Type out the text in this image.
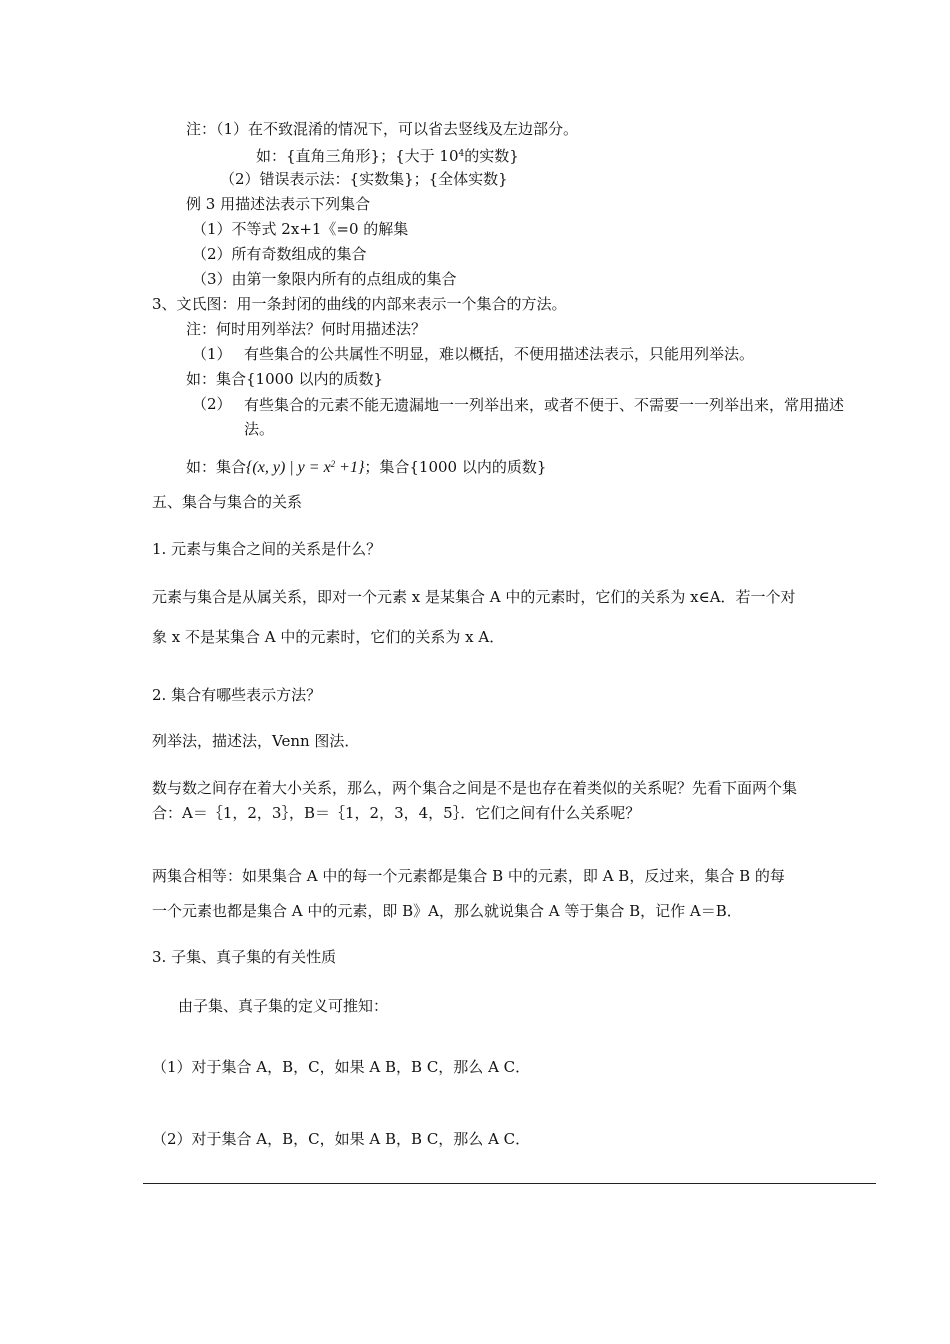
注：（1）在不致混淆的情况下，可以省去竖线及左边部分。
如：{直角三角形}；{大于 $10^4$的实数}
（2）错误表示法：{实数集}；{全体实数}
例 3 用描述法表示下列集合
（1）不等式 2x+1《=0 的解集
（2）所有奇数组成的集合
（3）由第一象限内所有的点组成的集合
3、文氏图：用一条封闭的曲线的内部来表示一个集合的方法。
注：何时用列举法？何时用描述法？
（1） 有些集合的公共属性不明显，难以概括，不便用描述法表示，只能用列举法。
如：集合{1000 以内的质数}
（2） 有些集合的元素不能无遗漏地一一列举出来，或者不便于、不需要一一列举出来，常用描述法。
如：集合{(x, y) | $y = x^2 +1$}；集合{1000 以内的质数}
五、集合与集合的关系
1. 元素与集合之间的关系是什么？
元素与集合是从属关系，即对一个元素 x 是某集合 A 中的元素时，它们的关系为 x∈A．若一个对
象 x 不是某集合 A 中的元素时，它们的关系为 x A．
2. 集合有哪些表示方法？
列举法，描述法，Venn 图法．
数与数之间存在着大小关系，那么，两个集合之间是不是也存在着类似的关系呢？先看下面两个集
合：A＝｛1，2，3｝，B＝｛1，2，3，4，5｝．它们之间有什么关系呢？
两集合相等：如果集合 A 中的每一个元素都是集合 B 中的元素，即 A B，反过来，集合 B 的每
一个元素也都是集合 A 中的元素，即 B》A，那么就说集合 A 等于集合 B，记作 A＝B．
3. 子集、真子集的有关性质
由子集、真子集的定义可推知：
（1）对于集合 A，B，C，如果 A B，B C，那么 A C．
（2）对于集合 A，B，C，如果 A B，B C，那么 A C．
